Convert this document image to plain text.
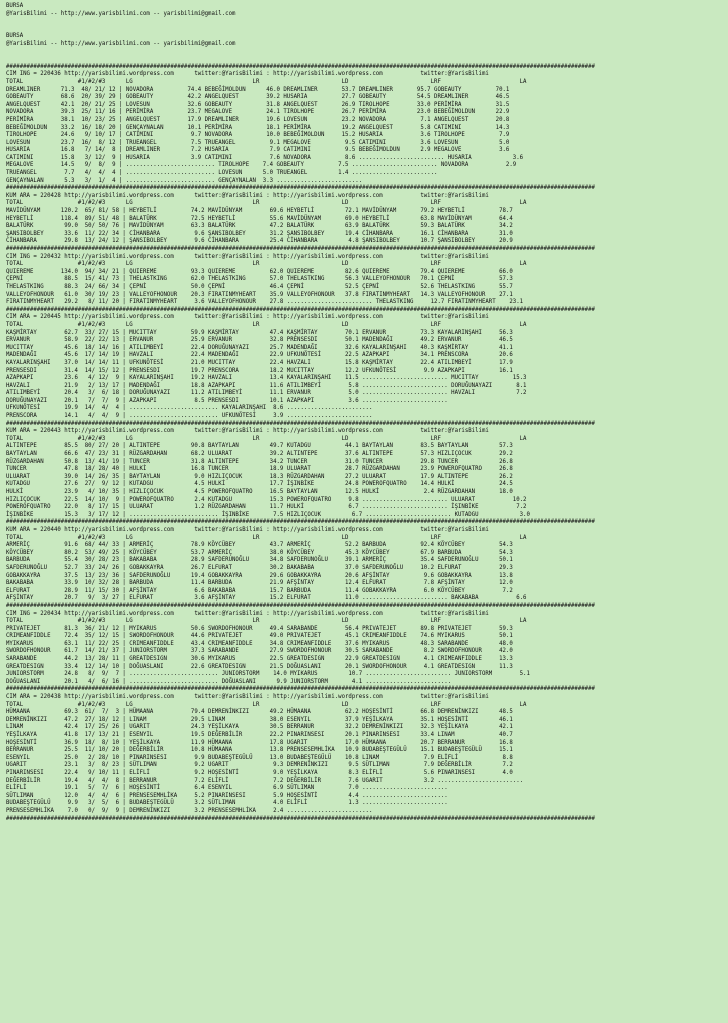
BURSA
@YarisBilimi -- http://www.yarisbilimi.com -- yarisbilimi@gmail.com

BURSA
@YarisBilimi -- http://www.yarisbilimi.com -- yarisbilimi@gmail.com

############################################################################################################################################################################
CIM ING = 220436 http://yarisbilimi.wordpress.com      twitter:@YarisBilimi : http://yarisbilimi.wordpress.com           twitter:@YarisBilimi
TOTAL                #1/#2/#3      LG                                   LR                        LD                        LRF                       LA
DREAMLINER      71.3  48/ 21/ 12 | NOVADORA          74.4 BEBEĞİMOLDUN      46.0 DREAMLINER       53.7 DREAMLINER       95.7 GOBEAUTY          70.1
GOBEAUTY        68.6  20/ 39/ 29 | GOBEAUTY          42.2 ANGELQUEST        39.2 HUSARIA          27.7 GOBEAUTY         54.5 DREAMLINER        46.5
ANGELQUEST      42.1  20/ 21/ 25 | LOVESUN           32.6 GOBEAUTY          31.8 ANGELQUEST       26.9 TIROLHOPE        33.0 PERİMİRA          31.5
NOVADORA        39.3  25/ 11/ 16 | PERİMİRA          23.7 MEGALOVE          24.1 TIROLHOPE        26.7 PERİMİRA         23.0 BEBEĞİMOLDUN      22.9
PERİMİRA        38.1  10/ 23/ 25 | ANGELQUEST        17.9 DREAMLINER        19.6 LOVESUN          23.2 NOVADORA          7.1 ANGELQUEST        20.8
BEBEĞİMOLDUN    33.2  16/ 18/ 20 | GENÇAYNALAN       10.1 PERİMİRA          18.1 PERİMİRA         19.2 ANGELQUEST        5.8 CATIMINI          14.3
TIROLHOPE       24.6   9/ 10/ 17 | CATIMINI           9.7 NOVADORA          10.0 BEBEĞİMOLDUN     15.2 HUSARIA           3.6 TIROLHOPE          7.9
LOVESUN         23.7  16/  8/ 12 | TRUEANGEL          7.5 TRUEANGEL          9.1 MEGALOVE          9.5 CATIMINI          3.6 LOVESUN            5.0
HUSARIA         16.8   7/ 14/  8 | DREAMLINER         7.2 HUSARIA            7.9 CATIMINI          9.5 BEBEĞİMOLDUN      2.9 MEGALOVE           3.6
CATIMINI        15.8   3/ 12/  9 | HUSARIA            3.9 CATIMINI           7.6 NOVADORA          8.6 ......................... HUSARIA            3.6
MEGALOVE        14.5   9/  8/  9 | .......................... TIROLHOPE    7.4 GOBEAUTY          7.5 ......................... NOVADORA           2.9
TRUEANGEL        7.7   4/  4/  4 | .......................... LOVESUN      5.0 TRUEANGEL         1.4 .........................
GENÇAYNALAN      5.3   3/  1/  4 | .......................... GENÇAYNALAN  3.3 .........................
############################################################################################################################################################################
KUM ARA = 220428 http://yarisbilimi.wordpress.com      twitter:@YarisBilimi : http://yarisbilimi.wordpress.com           twitter:@YarisBilimi
TOTAL                #1/#2/#3      LG                                   LR                        LD                        LRF                       LA
MAVİDÜNYAM      120.2  65/ 81/ 58 | HEYBETLİ          74.2 MAVİDÜNYAM        69.6 HEYBETLİ         72.1 MAVİDÜNYAM       79.2 HEYBETLİ          78.7
HEYBETLİ        118.4  89/ 51/ 48 | BALATÜRK          72.5 HEYBETLİ          55.6 MAVİDÜNYAM       69.0 HEYBETLİ         63.8 MAVİDÜNYAM        64.4
BALATÜRK         99.0  50/ 50/ 76 | MAVİDÜNYAM        63.3 BALATÜRK          47.2 BALATÜRK         63.9 BALATÜRK         59.3 BALATÜRK          34.2
ŞANSIBOLBEY      33.6  11/ 22/ 34 | CİHANBARA          9.6 ŞANSIBOLBEY       31.2 ŞANSIBOLBEY      19.4 CİHANBARA        16.1 CİHANBARA         31.0
CİHANBARA        29.8  13/ 24/ 12 | ŞANSIBOLBEY        9.6 CİHANBARA         25.4 CİHANBARA         4.8 ŞANSIBOLBEY      10.7 ŞANSIBOLBEY       20.9
############################################################################################################################################################################
CIM ING = 220432 http://yarisbilimi.wordpress.com      twitter:@YarisBilimi : http://yarisbilimi.wordpress.com           twitter:@YarisBilimi
TOTAL                #1/#2/#3      LG                                   LR                        LD                        LRF                       LA
QUIEREME        134.0  94/ 34/ 21 | QUIEREME          93.3 QUIEREME          62.0 QUIEREME         82.6 QUIEREME         79.4 QUIEREME          66.0
ÇEPNİ            88.5  15/ 41/ 73 | THELASTKING       62.0 THELASTKING       57.0 THELASTKING      56.3 VALLEYOFHONOUR   70.1 ÇEPNİ             57.3
THELASTKING      88.3  24/ 66/ 34 | ÇEPNİ             50.0 ÇEPNİ             46.4 ÇEPNİ            52.5 ÇEPNİ            52.6 THELASTKING       55.7
VALLEYOFHONOUR   61.0  30/ 19/ 23 | VALLEYOFHONOUR    20.3 FIRATINMYHEART    35.9 VALLEYOFHONOUR   37.8 FIRATINMYHEART   14.3 VALLEYOFHONOUR    27.1
FIRATINMYHEART   29.2   8/ 11/ 20 | FIRATINMYHEART     3.6 VALLEYOFHONOUR    27.8 ......................... THELASTKING     12.7 FIRATINMYHEART    23.1
############################################################################################################################################################################
CIM ARA = 220445 http://yarisbilimi.wordpress.com      twitter:@YarisBilimi : http://yarisbilimi.wordpress.com           twitter:@YarisBilimi
TOTAL                #1/#2/#3      LG                                   LR                        LD                        LRF                       LA
KAŞMİRTAY        62.7  33/ 27/ 15 | MUCITTAY          59.9 KAŞMİRTAY         47.4 KAŞMİRTAY        70.1 ERVANUR          73.3 KAYALARINŞAHI     56.3
ERVANUR          58.9  22/ 22/ 13 | ERVANUR           25.9 ERVANUR           32.8 PRENSESDI        50.1 MADENDAĞI        49.2 ERVANUR           46.5
MUCITTAY         45.6  18/ 14/ 16 | ATILIMBEYİ        22.4 DORUĞUNAYAZI      25.7 MADENDAĞI        32.6 KAYALARINŞAHI    40.3 KAŞMİRTAY         41.1
MADENDAĞI        45.6  17/ 14/ 19 | HAVZALI           22.4 MADENDAĞI         22.9 UFKUNÖTESİ       22.5 AZAPKAPI         34.1 PRENSCORA         20.6
KAYALARINŞAHI    37.0  14/ 14/ 11 | UFKUNÖTESİ        21.0 MUCITTAY          22.4 HAVZALI          15.8 KAŞMİRTAY        22.4 ATILIMBEYİ        17.9
PRENSESDI        31.4  14/ 15/ 12 | PRENSESDI         19.7 PRENSCORA         18.2 MUCITTAY         12.2 UFKUNÖTESİ        9.9 AZAPKAPI          16.1
AZAPKAPI         23.6   4/ 12/  9 | KAYALARINŞAHI     19.2 HAVZALI           13.4 KAYALARINŞAHI    11.5 ......................... MUCITTAY          15.3
HAVZALI          21.9   2/ 13/ 17 | MADENDAĞI         18.8 AZAPKAPI          11.6 ATILIMBEYİ        5.8 ......................... DORUĞUNAYAZI       8.1
ATILIMBEYİ       20.4   3/  6/ 18 | DORUĞUNAYAZI      11.2 ATILIMBEYİ        11.1 ERVANUR           5.0 ......................... HAVZALI            7.2
DORUĞUNAYAZI     20.1   7/  7/  9 | AZAPKAPI           8.5 PRENSESDI         10.1 AZAPKAPI          3.6 .........................
UFKUNÖTESİ       19.9  14/  4/  4 | .......................... KAYALARINŞAHI  8.6 .........................
PRENSCORA        14.1   4/  4/  9 | .......................... UFKUNÖTESİ     3.9 .........................
############################################################################################################################################################################
KUM ARA = 220443 http://yarisbilimi.wordpress.com      twitter:@YarisBilimi : http://yarisbilimi.wordpress.com           twitter:@YarisBilimi
TOTAL                #1/#2/#3      LG                                   LR                        LD                        LRF                       LA
ALTINTEPE        85.5  80/ 27/ 20 | ALTINTEPE         90.8 BAYTAYLAN         49.7 KUTADGU          44.1 BAYTAYLAN        83.5 BAYTAYLAN         57.3
BAYTAYLAN        66.6  47/ 23/ 31 | RÜZGARDAHAN       68.2 ULUARAT           39.2 ALTINTEPE        37.6 ALTINTEPE        57.3 HIZLIÇOCUK        29.2
RÜZGARDAHAN      50.8  13/ 41/ 19 | TUNCER            31.8 ALTINTEPE         34.2 TUNCER           31.0 TUNCER           29.8 TUNCER            26.8
TUNCER           47.8  18/ 28/ 40 | HULKİ             16.8 TUNCER            18.9 ULUARAT          28.7 RÜZGARDAHAN      23.9 POWEROFQUATRO     26.8
ULUARAT          39.0  14/ 26/ 35 | BAYTAYLAN          9.0 HIZLIÇOCUK        18.3 RÜZGARDAHAN      27.2 ULUARAT          17.9 ALTINTEPE         26.2
KUTADGU          27.6  27/  9/ 12 | KUTADGU            4.5 HULKİ             17.7 İŞINBİKE         24.8 POWEROFQUATRO    14.4 HULKİ             24.5
HULKİ            23.9   4/ 10/ 35 | HIZLIÇOCUK         4.5 POWEROFQUATRO     16.5 BAYTAYLAN        12.5 HULKİ             2.4 RÜZGARDAHAN       18.0
HIZLIÇOCUK       22.5  14/ 10/  9 | POWEROFQUATRO      2.4 KUTADGU           15.3 POWEROFQUATRO     9.8 ......................... ULUARAT           10.2
POWEROFQUATRO    22.0   8/ 17/ 15 | ULUARAT            1.2 RÜZGARDAHAN       11.7 HULKİ             6.7 ......................... İŞINBİKE           7.2
İŞINBİKE         15.3   3/ 17/ 12 | .......................... İŞINBİKE       7.5 HIZLIÇOCUK         6.7 ......................... KUTADGU            3.0
############################################################################################################################################################################
KUM ARA = 220440 http://yarisbilimi.wordpress.com      twitter:@YarisBilimi : http://yarisbilimi.wordpress.com           twitter:@YarisBilimi
TOTAL                #1/#2/#3      LG                                   LR                        LD                        LRF                       LA
ARMERİÇ          91.6  68/ 44/ 33 | ARMERİÇ           78.9 KÖYCÜBEY          43.7 ARMERİÇ          52.2 BARBUDA          92.4 KÖYCÜBEY          54.3
KÖYCÜBEY         80.2  53/ 49/ 25 | KÖYCÜBEY          53.7 ARMERİÇ           38.0 KÖYCÜBEY         45.3 KÖYCÜBEY         67.9 BARBUDA           54.3
BARBUDA          55.4  30/ 28/ 23 | BAKABABA          28.9 SAFDERUNOĞLU      34.8 SAFDERUNOĞLU     39.1 ARMERİÇ          35.4 SAFDERUNOĞLU      50.1
SAFDERUNOĞLU     52.7  33/ 24/ 26 | GOBAKKAYRA        26.7 ELFURAT           30.2 BAKABABA         37.0 SAFDERUNOĞLU     10.2 ELFURAT           29.3
GOBAKKAYRA       37.5  13/ 23/ 36 | SAFDERUNOĞLU      19.4 GOBAKKAYRA        29.6 GOBAKKAYRA       20.6 AFŞİNTAY          9.6 GOBAKKAYRA        13.8
BAKABABA         33.9  10/ 32/ 28 | BARBUDA           11.4 BARBUDA           21.9 AFŞİNTAY         12.4 ELFURAT           7.8 AFŞİNTAY          12.0
ELFURAT          28.9  11/ 15/ 30 | AFŞİNTAY           6.6 BAKABABA          15.7 BARBUDA          11.4 GOBAKKAYRA        6.0 KÖYCÜBEY           7.2
AFŞİNTAY         20.7   9/  3/ 27 | ELFURAT            3.6 AFŞİNTAY          15.2 ELFURAT          11.0 ......................... BAKABABA           6.6
############################################################################################################################################################################
CIM ING = 220434 http://yarisbilimi.wordpress.com      twitter:@YarisBilimi : http://yarisbilimi.wordpress.com           twitter:@YarisBilimi
TOTAL                #1/#2/#3      LG                                   LR                        LD                        LRF                       LA
PRIVATEJET       81.3  36/ 21/ 12 | MYIKARUS          50.6 SWORDOFHONOUR     49.4 SARABANDE        56.4 PRIVATEJET       89.8 PRIVATEJET        59.3
CRIMEANFIDDLE    72.4  35/ 12/ 15 | SWORDOFHONOUR     44.6 PRIVATEJET        49.0 PRIVATEJET       45.1 CRIMEANFIDDLE    74.6 MYIKARUS          50.1
MYIKARUS         63.1  11/ 22/ 25 | CRIMEANFIDDLE     43.4 CRIMEANFIDDLE     34.8 CRIMEANFIDDLE    37.6 MYIKARUS         48.3 SARABANDE         48.0
SWORDOFHONOUR    61.7  14/ 21/ 37 | JUNIORSTORM       37.3 SARABANDE         27.9 SWORDOFHONOUR    30.5 SARABANDE         8.2 SWORDOFHONOUR     42.0
SARABANDE        44.2  13/ 28/ 11 | GREATDESIGN       30.6 MYIKARUS          22.5 GREATDESIGN      22.9 GREATDESIGN       4.1 CRIMEANFIDDLE     13.3
GREATDESIGN      33.4  12/ 14/ 10 | DOĞUASLANI        22.6 GREATDESIGN       21.5 DOĞUASLANI       20.1 SWORDOFHONOUR     4.1 GREATDESIGN       11.3
JUNIORSTORM      24.8   8/  9/  7 | .......................... JUNIORSTORM    14.0 MYIKARUS         10.7 ......................... JUNIORSTORM        5.1
DOĞUASLANI       20.1   4/  6/ 16 | .......................... DOĞUASLANI      9.9 JUNIORSTORM       4.1 .........................
############################################################################################################################################################################
CIM ARA = 220438 http://yarisbilimi.wordpress.com      twitter:@YarisBilimi : http://yarisbilimi.wordpress.com           twitter:@YarisBilimi
TOTAL                #1/#2/#3      LG                                   LR                        LD                        LRF                       LA
HÜMAANA          69.3  61/  7/  3 | HÜMAANA           79.4 DEMRENİNKIZI      49.2 HÜMAANA          62.2 HOŞESİNTİ        66.8 DEMRENİNKIZI      48.5
DEMRENİNKIZI     47.2  27/ 18/ 12 | LINAM             29.5 LINAM             38.0 ESENYIL          37.9 YEŞİLKAYA        35.1 HOŞESİNTİ         46.1
LINAM            42.4  17/ 25/ 26 | UGARIT            24.3 YEŞİLKAYA         30.5 BERRANUR         32.2 DEMRENİNKIZI     32.3 YEŞİLKAYA         42.1
YEŞİLKAYA        41.8  17/ 13/ 21 | ESENYIL           19.5 DEĞERBİLİR        22.2 PINARINSESI      20.1 PINARINSESI      33.4 LINAM             40.7
HOŞESİNTİ        36.9  18/  8/ 10 | YEŞİLKAYA         11.9 HÜMAANA           17.8 UGARIT           17.0 HÜMAANA          20.7 BERRANUR          16.8
BERRANUR         25.5  11/ 10/ 20 | DEĞERBİLİR        10.8 HÜMAANA           13.8 PRENSESEMHLİKA   10.9 BUDABEŞTEGÜLÜ    15.1 BUDABEŞTEGÜLÜ     15.1
ESENYIL          25.0   2/ 28/ 10 | PINARINSESI        9.9 BUDABEŞTEGÜLÜ     13.0 BUDABEŞTEGÜLÜ    10.8 LINAM             7.9 ELİFLİ             8.8
UGARIT           23.1   3/  8/ 23 | SÜTLIMAN           9.2 UGARIT             9.3 DEMRENİNKIZI      9.5 SÜTLIMAN          7.9 DEĞERBİLİR         7.2
PINARINSESI      22.4   9/ 10/ 11 | ELİFLİ             9.2 HOŞESİNTİ          9.0 YEŞİLKAYA         8.3 ELİFLİ            5.6 PINARINSESI        4.0
DEĞERBİLİR       19.4   4/  4/  8 | BERRANUR           7.2 ELİFLİ             7.2 DEĞERBİLİR        7.6 UGARIT            3.2 .........................
ELİFLİ           19.1   5/  7/  6 | HOŞESİNTİ          6.4 ESENYIL            6.9 SÜTLIMAN          7.0 .........................
SÜTLIMAN         12.0   4/  4/  6 | PRENSESEMHLİKA     5.2 PINARINSESI        5.9 HOŞESİNTİ         4.4 .........................
BUDABEŞTEGÜLÜ     9.9   3/  5/  6 | BUDABEŞTEGÜLÜ      3.2 SÜTLIMAN           4.0 ELİFLİ            1.3 .........................
PRENSESEMHLİKA    7.0   0/  9/  9 | DEMRENİNKIZI       3.2 PRENSESEMHLİKA     2.4 .........................
############################################################################################################################################################################
